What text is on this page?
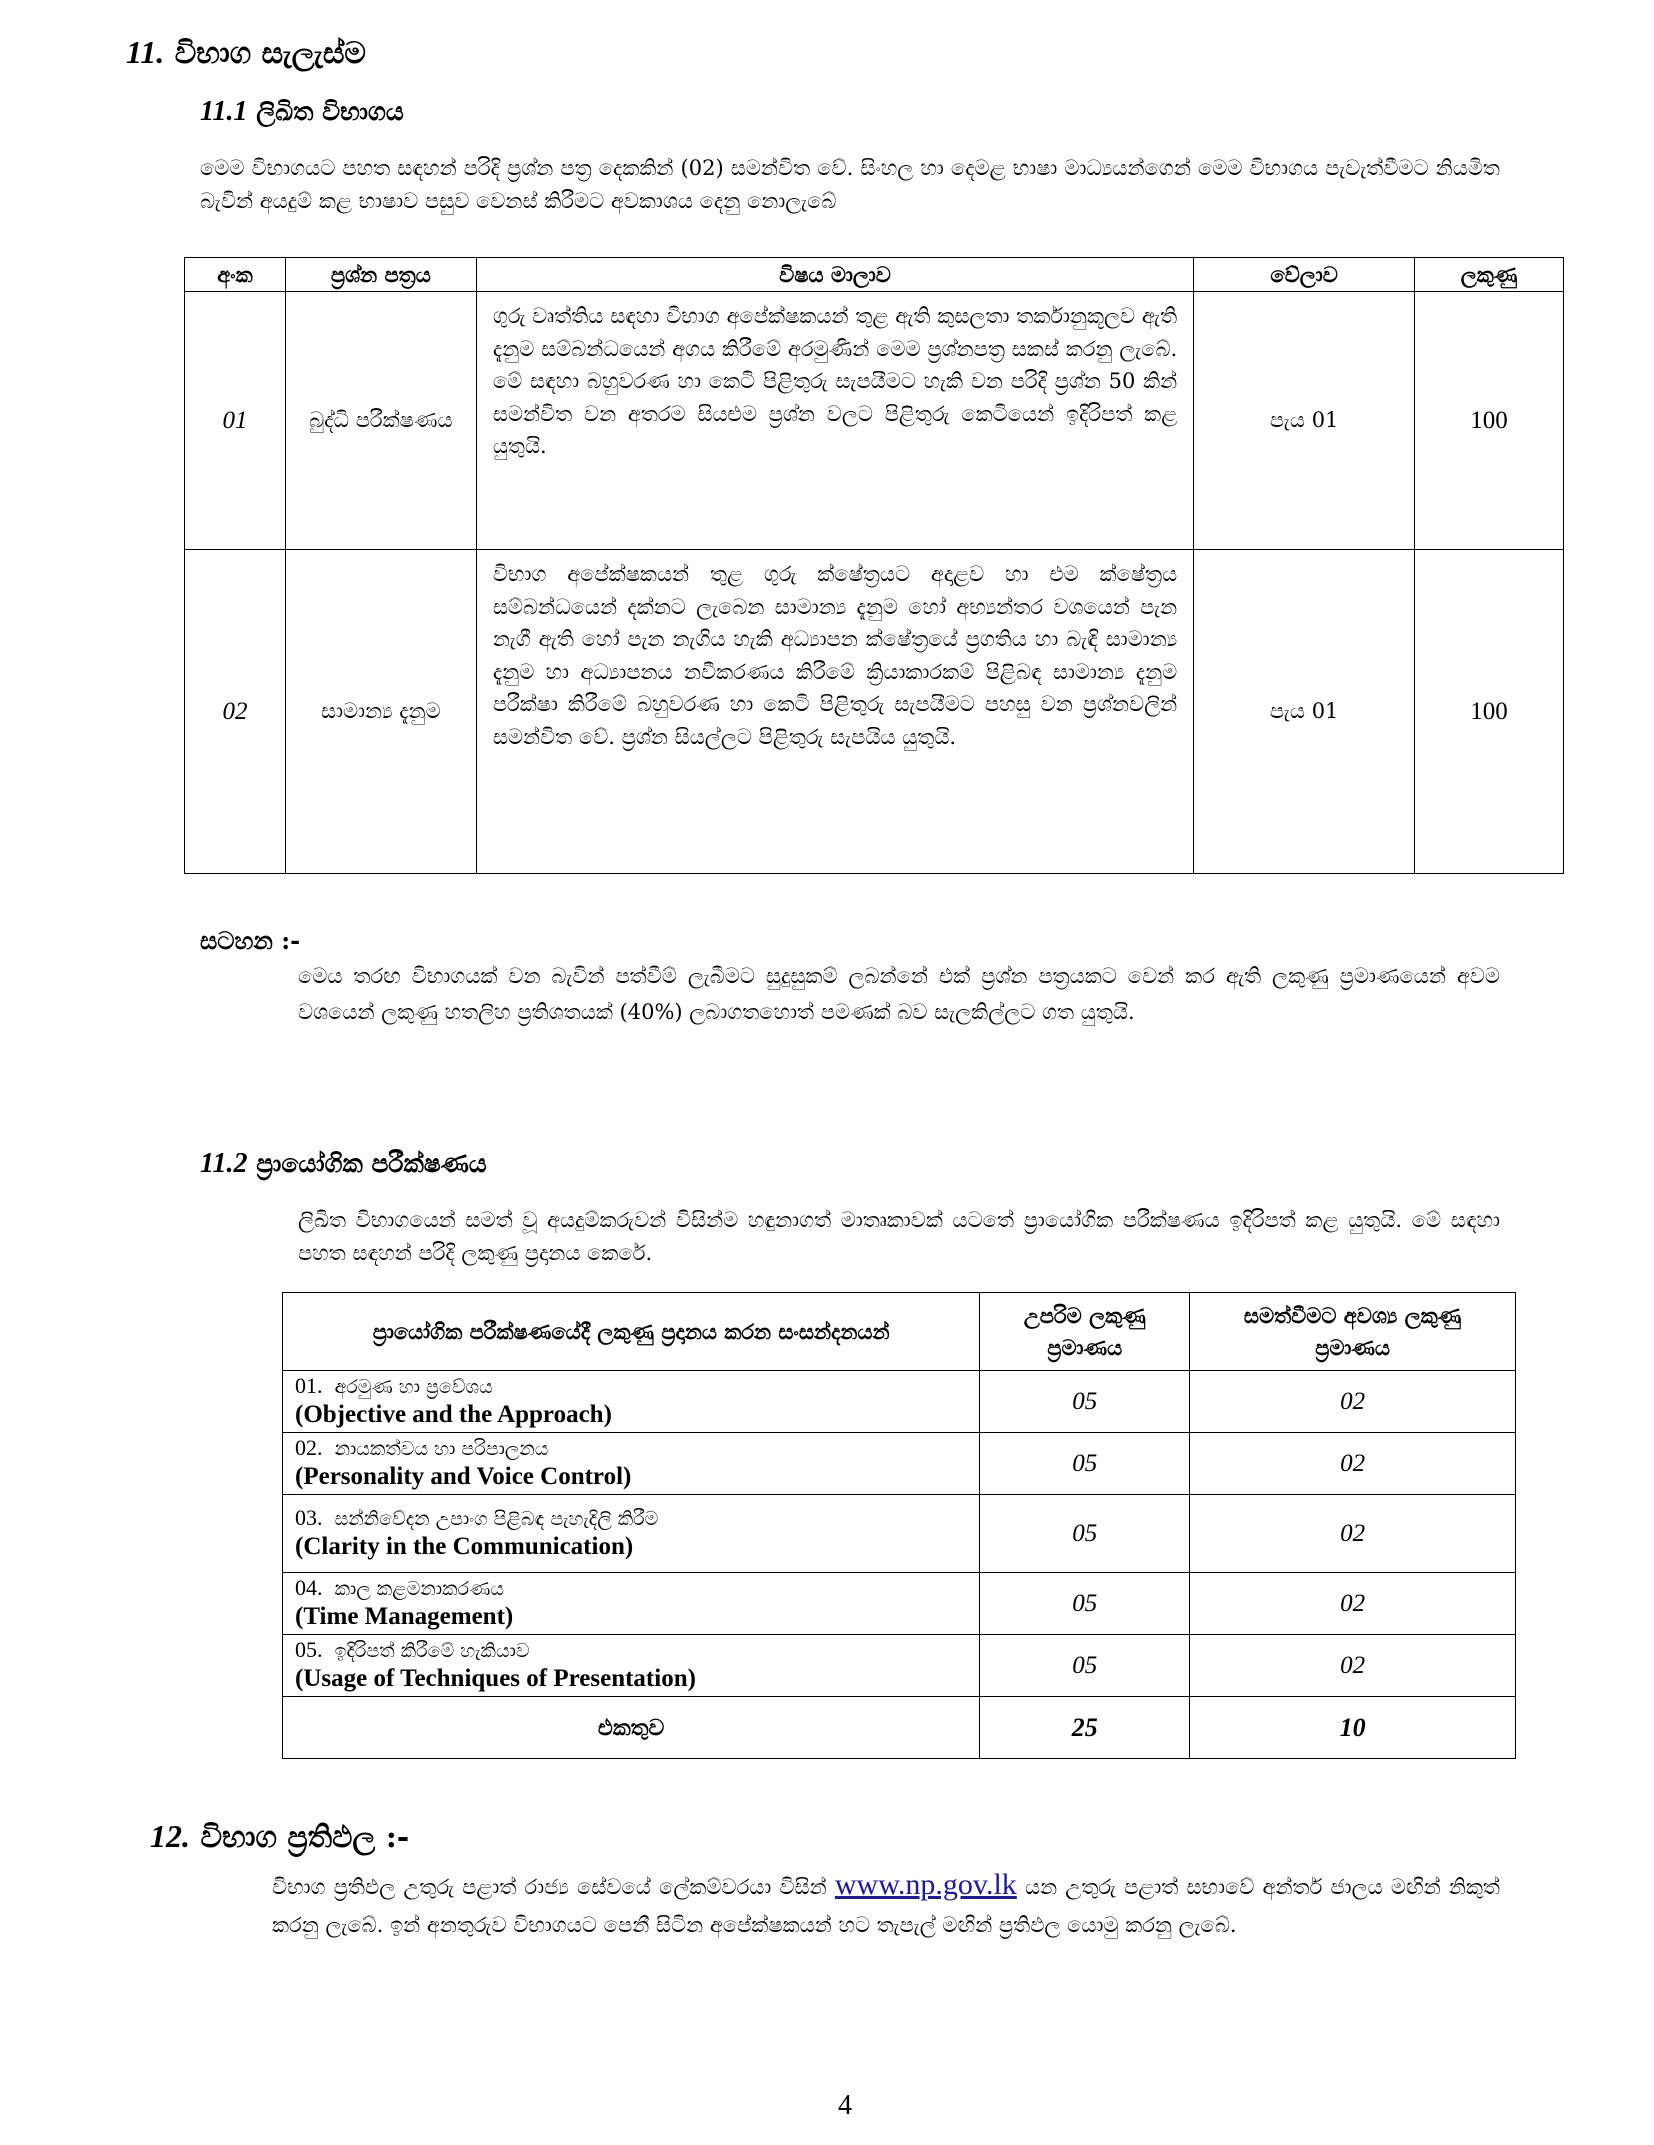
11. විභාග සැලැස්ම
11.1 ලිඛිත විභාගය
මෙම විභාගයට පහත සඳහන් පරිදි ප්‍රශ්න පත්‍ර දෙකකින් (02) සමන්විත වේ. සිංහල හා දෙමළ භාෂා මාධ්‍යයන්ගෙන් මෙම විභාගය පැවැත්වීමට නියමිත බැවින් අයදුම් කළ භාෂාව පසුව වෙනස් කිරීමට අවකාශය දෙනු නොලැබේ
අංක	ප්‍රශ්න පත්‍රය	විෂය මාලාව	වේලාව	ලකුණු
01	බුද්ධි පරීක්ෂණය	ගුරු වෘත්තිය සඳහා විභාග අපේක්ෂකයන් තුළ ඇති කුසලතා තර්කානුකූලව ඇති දැනුම සම්බන්ධයෙන් අගය කිරීමේ අරමුණින් මෙම ප්‍රශ්නපත්‍ර සකස් කරනු ලැබේ. මේ සඳහා බහුවරණ හා කෙටි පිළිතුරු සැපයීමට හැකි වන පරිදි ප්‍රශ්න 50 කින් සමන්විත වන අතරම සියළුම ප්‍රශ්න වලට පිළිතුරු කෙටියෙන් ඉදිරිපත් කළ යුතුයි.	පැය 01	100
02	සාමාන්‍ය දැනුම	විභාග අපේක්ෂකයන් තුළ ගුරු ක්ෂේත්‍රයට අදාළව හා එම ක්ෂේත්‍රය සම්බන්ධයෙන් දක්නට ලැබෙන සාමාන්‍ය දැනුම හෝ අභ්‍යන්තර වශයෙන් පැන නැගී ඇති හෝ පැන නැගිය හැකි අධ්‍යාපන ක්ෂේත්‍රයේ ප්‍රගතිය හා බැඳි සාමාන්‍ය දැනුම හා අධ්‍යාපනය නවීකරණය කිරීමේ ක්‍රියාකාරකම් පිළිබඳ සාමාන්‍ය දැනුම පරීක්ෂා කිරීමේ බහුවරණ හා කෙටි පිළිතුරු සැපයීමට පහසු වන ප්‍රශ්නවලින් සමන්විත වේ. ප්‍රශ්න සියල්ලට පිළිතුරු සැපයිය යුතුයි.	පැය 01	100
සටහන :-
මෙය තරඟ විභාගයක් වන බැවින් පත්වීම් ලැබීමට සුදුසුකම් ලබන්නේ එක් ප්‍රශ්න පත්‍රයකට වෙන් කර ඇති ලකුණු ප්‍රමාණයෙන් අවම වශයෙන් ලකුණු හතලිහ ප්‍රතිශතයක් (40%) ලබාගතහොත් පමණක් බව සැලකිල්ලට ගත යුතුයි.
11.2 ප්‍රායෝගික පරීක්ෂණය
ලිඛිත විභාගයෙන් සමත් වූ අයදුම්කරුවන් විසින්ම හඳුනාගත් මාතෘකාවක් යටතේ ප්‍රායෝගික පරීක්ෂණය ඉදිරිපත් කළ යුතුයි. මේ සඳහා පහත සඳහන් පරිදි ලකුණු ප්‍රදානය කෙරේ.
ප්‍රායෝගික පරීක්ෂණයේදී ලකුණු ප්‍රදානය කරන සංසන්දනයන්	උපරිම ලකුණු ප්‍රමාණය	සමත්වීමට අවශ්‍ය ලකුණු ප්‍රමාණය

01. අරමුණ හා ප්‍රවේශය
(Objective and the Approach)	05	02

02. නායකත්වය හා පරිපාලනය
(Personality and Voice Control)	05	02

03. සන්නිවේදන උපාංග පිළිබඳ පැහැදිලි කිරීම
(Clarity in the Communication)	05	02

04. කාල කළමනාකරණය
(Time Management)	05	02

05. ඉදිරිපත් කිරීමේ හැකියාව
(Usage of Techniques of Presentation)	05	02
එකතුව	25	10
12. විභාග ප්‍රතිඵල :-
විභාග ප්‍රතිඵල උතුරු පළාත් රාජ්‍ය සේවයේ ලේකම්වරයා විසින් www.np.gov.lk යන උතුරු පළාත් සභාවේ අන්තර් ජාලය මඟින් නිකුත් කරනු ලැබේ. ඉන් අනතුරුව විභාගයට පෙනී සිටින අපේක්ෂකයන් හට තැපැල් මඟින් ප්‍රතිඵල යොමු කරනු ලැබේ.
4
